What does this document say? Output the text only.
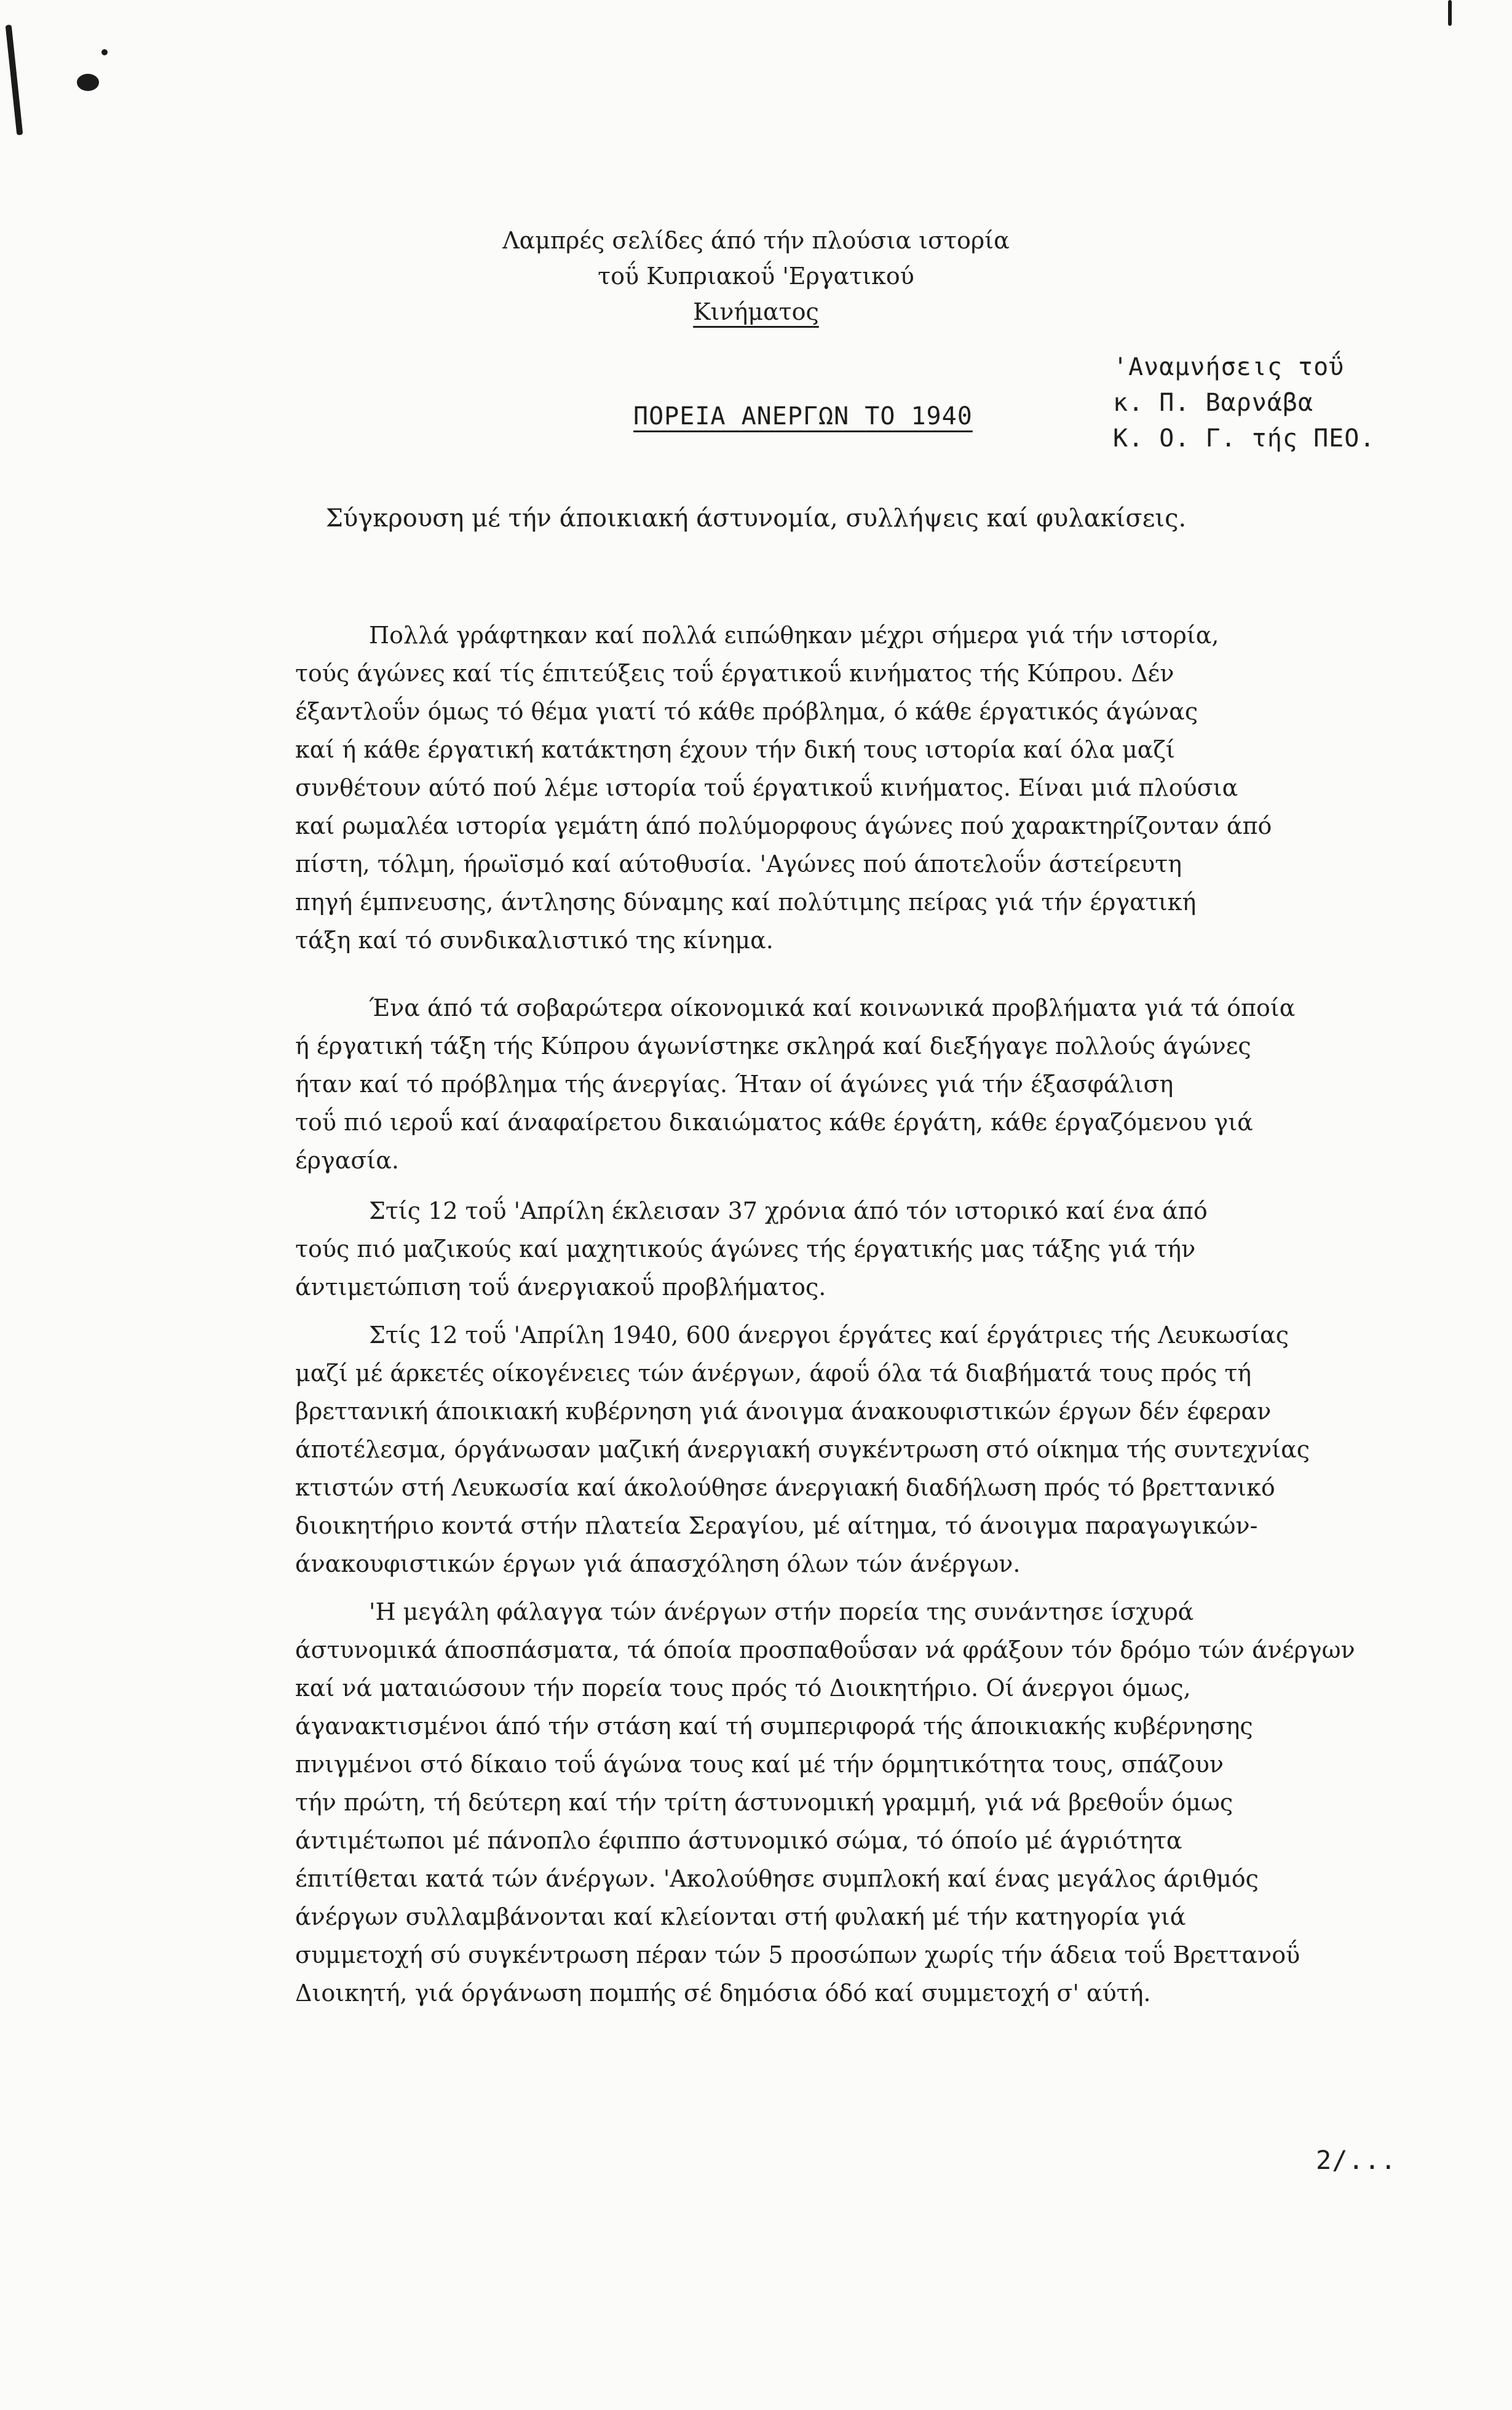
Λαμπρές σελίδες άπό τήν πλούσια ιστορία
τοΰ Κυπριακοΰ 'Εργατικού
Κινήματος
ΠΟΡΕΙΑ ΑΝΕΡΓΩΝ ΤΟ 1940
'Αναμνήσεις τοΰ
κ. Π. Βαρνάβα
Κ. Ο. Γ. τής ΠΕΟ.
Σύγκρουση μέ τήν άποικιακή άστυνομία, συλλήψεις καί φυλακίσεις.
Πολλά γράφτηκαν καί πολλά ειπώθηκαν μέχρι σήμερα γιά τήν ιστορία,
τούς άγώνες καί τίς έπιτεύξεις τοΰ έργατικοΰ κινήματος τής Κύπρου. Δέν
έξαντλοΰν όμως τό θέμα γιατί τό κάθε πρόβλημα, ό κάθε έργατικός άγώνας
καί ή κάθε έργατική κατάκτηση έχουν τήν δική τους ιστορία καί όλα μαζί
συνθέτουν αύτό πού λέμε ιστορία τοΰ έργατικοΰ κινήματος. Είναι μιά πλούσια
καί ρωμαλέα ιστορία γεμάτη άπό πολύμορφους άγώνες πού χαρακτηρίζονταν άπό
πίστη, τόλμη, ήρωϊσμό καί αύτοθυσία. 'Αγώνες πού άποτελοΰν άστείρευτη
πηγή έμπνευσης, άντλησης δύναμης καί πολύτιμης πείρας γιά τήν έργατική
τάξη καί τό συνδικαλιστικό της κίνημα.
Ένα άπό τά σοβαρώτερα οίκονομικά καί κοινωνικά προβλήματα γιά τά όποία
ή έργατική τάξη τής Κύπρου άγωνίστηκε σκληρά καί διεξήγαγε πολλούς άγώνες
ήταν καί τό πρόβλημα τής άνεργίας. Ήταν οί άγώνες γιά τήν έξασφάλιση
τοΰ πιό ιεροΰ καί άναφαίρετου δικαιώματος κάθε έργάτη, κάθε έργαζόμενου γιά
έργασία.
Στίς 12 τοΰ 'Απρίλη έκλεισαν 37 χρόνια άπό τόν ιστορικό καί ένα άπό
τούς πιό μαζικούς καί μαχητικούς άγώνες τής έργατικής μας τάξης γιά τήν
άντιμετώπιση τοΰ άνεργιακοΰ προβλήματος.
Στίς 12 τοΰ 'Απρίλη 1940, 600 άνεργοι έργάτες καί έργάτριες τής Λευκωσίας
μαζί μέ άρκετές οίκογένειες τών άνέργων, άφοΰ όλα τά διαβήματά τους πρός τή
βρεττανική άποικιακή κυβέρνηση γιά άνοιγμα άνακουφιστικών έργων δέν έφεραν
άποτέλεσμα, όργάνωσαν μαζική άνεργιακή συγκέντρωση στό οίκημα τής συντεχνίας
κτιστών στή Λευκωσία καί άκολούθησε άνεργιακή διαδήλωση πρός τό βρεττανικό
διοικητήριο κοντά στήν πλατεία Σεραγίου, μέ αίτημα, τό άνοιγμα παραγωγικών-
άνακουφιστικών έργων γιά άπασχόληση όλων τών άνέργων.
'Η μεγάλη φάλαγγα τών άνέργων στήν πορεία της συνάντησε ίσχυρά
άστυνομικά άποσπάσματα, τά όποία προσπαθοΰσαν νά φράξουν τόν δρόμο τών άνέργων
καί νά ματαιώσουν τήν πορεία τους πρός τό Διοικητήριο. Οί άνεργοι όμως,
άγανακτισμένοι άπό τήν στάση καί τή συμπεριφορά τής άποικιακής κυβέρνησης
πνιγμένοι στό δίκαιο τοΰ άγώνα τους καί μέ τήν όρμητικότητα τους, σπάζουν
τήν πρώτη, τή δεύτερη καί τήν τρίτη άστυνομική γραμμή, γιά νά βρεθοΰν όμως
άντιμέτωποι μέ πάνοπλο έφιππο άστυνομικό σώμα, τό όποίο μέ άγριότητα
έπιτίθεται κατά τών άνέργων. 'Ακολούθησε συμπλοκή καί ένας μεγάλος άριθμός
άνέργων συλλαμβάνονται καί κλείονται στή φυλακή μέ τήν κατηγορία γιά
συμμετοχή σύ συγκέντρωση πέραν τών 5 προσώπων χωρίς τήν άδεια τοΰ Βρεττανοΰ
Διοικητή, γιά όργάνωση πομπής σέ δημόσια όδό καί συμμετοχή σ' αύτή.
2/...
